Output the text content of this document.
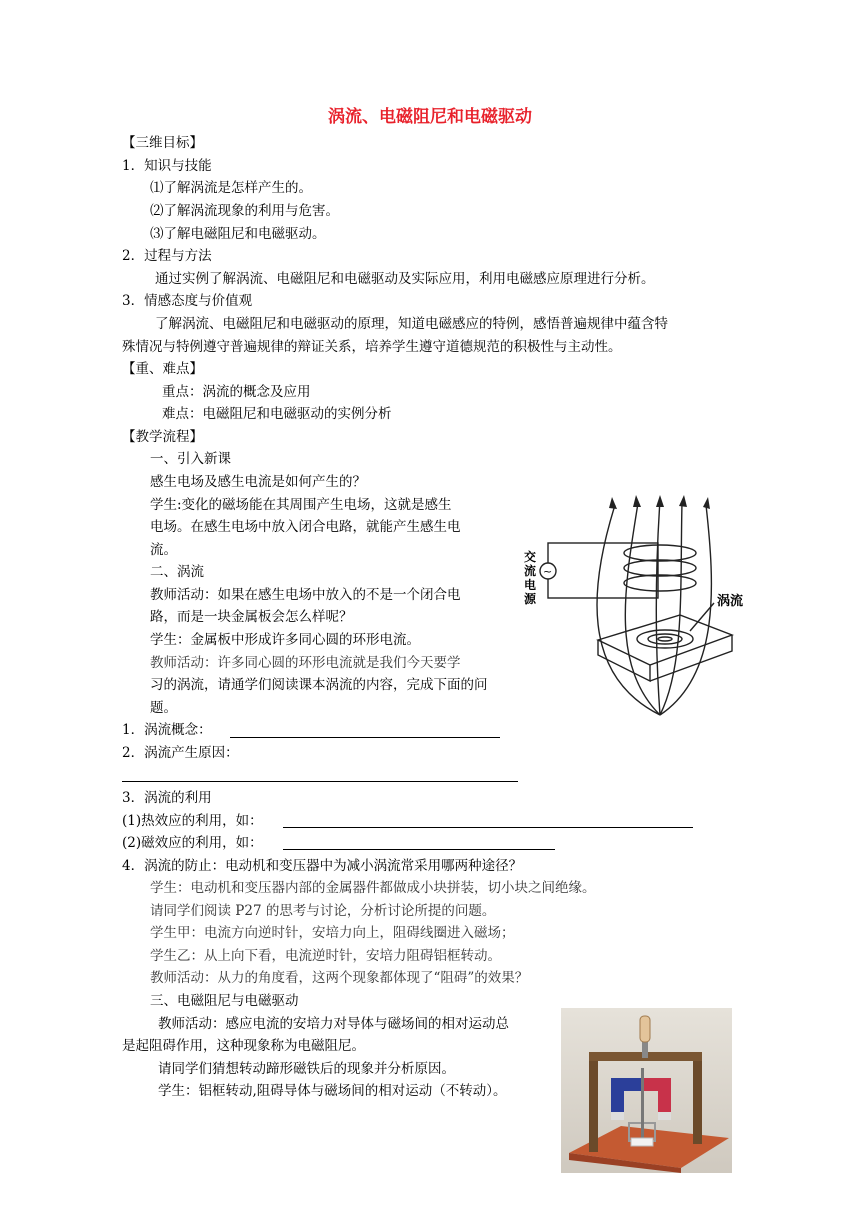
涡流、电磁阻尼和电磁驱动
【三维目标】
1．知识与技能
⑴了解涡流是怎样产生的。
⑵了解涡流现象的利用与危害。
⑶了解电磁阻尼和电磁驱动。
2．过程与方法
通过实例了解涡流、电磁阻尼和电磁驱动及实际应用，利用电磁感应原理进行分析。
3．情感态度与价值观
了解涡流、电磁阻尼和电磁驱动的原理，知道电磁感应的特例，感悟普遍规律中蕴含特
殊情况与特例遵守普遍规律的辩证关系，培养学生遵守道德规范的积极性与主动性。
【重、难点】
重点：涡流的概念及应用
难点：电磁阻尼和电磁驱动的实例分析
【教学流程】
一、引入新课
感生电场及感生电流是如何产生的？
学生:变化的磁场能在其周围产生电场，这就是感生
电场。在感生电场中放入闭合电路，就能产生感生电
流。
二、涡流
教师活动：如果在感生电场中放入的不是一个闭合电
路，而是一块金属板会怎么样呢？
学生：金属板中形成许多同心圆的环形电流。
教师活动：许多同心圆的环形电流就是我们今天要学
习的涡流，请通学们阅读课本涡流的内容，完成下面的问
题。
1．涡流概念：
2．涡流产生原因：
3．涡流的利用
(1)热效应的利用，如：
(2)磁效应的利用，如：
4．涡流的防止：电动机和变压器中为减小涡流常采用哪两种途径？
学生：电动机和变压器内部的金属器件都做成小块拼装，切小块之间绝缘。
请同学们阅读 P27 的思考与讨论，分析讨论所提的问题。
学生甲：电流方向逆时针，安培力向上，阻碍线圈进入磁场；
学生乙：从上向下看，电流逆时针，安培力阻碍铝框转动。
教师活动：从力的角度看，这两个现象都体现了“阻碍”的效果？
三、电磁阻尼与电磁驱动
教师活动：感应电流的安培力对导体与磁场间的相对运动总
是起阻碍作用，这种现象称为电磁阻尼。
请同学们猜想转动蹄形磁铁后的现象并分析原因。
学生：铝框转动,阻碍导体与磁场间的相对运动（不转动）。
~
交
流
电
源	涡流
